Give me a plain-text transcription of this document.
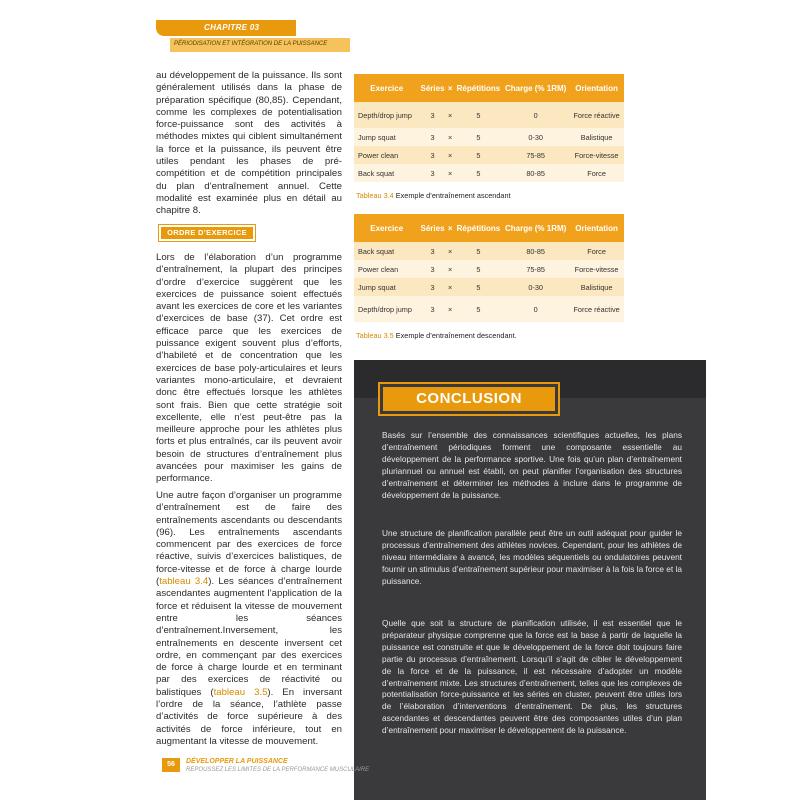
CHAPITRE 03
PÉRIODISATION ET INTÉGRATION DE LA PUISSANCE

au développement de la puissance. Ils sont généralement utilisés dans la phase de préparation spécifique (80,85). Cependant, comme les complexes de potentialisation force-puissance sont des activités à méthodes mixtes qui ciblent simultanément la force et la puissance, ils peuvent être utiles pendant les phases de pré-compétition et de compétition principales du plan d’entraînement annuel. Cette modalité est examinée plus en détail au chapitre 8.

ORDRE D’EXERCICE

Lors de l’élaboration d’un programme d’entraînement, la plupart des principes d’ordre d’exercice suggèrent que les exercices de puissance soient effectués avant les exercices de core et les variantes d’exercices de base (37). Cet ordre est efficace parce que les exercices de puissance exigent souvent plus d’efforts, d’habileté et de concentration que les exercices de base poly-articulaires et leurs variantes mono-articulaire, et devraient donc être effectués lorsque les athlètes sont frais. Bien que cette stratégie soit excellente, elle n’est peut-être pas la meilleure approche pour les athlètes plus forts et plus entraînés, car ils peuvent avoir besoin de structures d’entraînement plus avancées pour maximiser les gains de performance.

Une autre façon d’organiser un programme d’entraînement est de faire des entraînements ascendants ou descendants (96). Les entraînements ascendants commencent par des exercices de force réactive, suivis d’exercices balistiques, de force-vitesse et de force à charge lourde (tableau 3.4). Les séances d’entraînement ascendantes augmentent l’application de la force et réduisent la vitesse de mouvement entre les séances d’entraînement.Inversement, les entraînements en descente inversent cet ordre, en commençant par des exercices de force à charge lourde et en terminant par des exercices de réactivité ou balistiques (tableau 3.5). En inversant l’ordre de la séance, l’athlète passe d’activités de force supérieure à des activités de force inférieure, tout en augmentant la vitesse de mouvement.

Exercice	Séries	×	Répétitions	Charge (% 1RM)	Orientation
Depth/drop jump	3	×	5	0	Force réactive
Jump squat	3	×	5	0-30	Balistique
Power clean	3	×	5	75-85	Force-vitesse
Back squat	3	×	5	80-85	Force
Tableau 3.4 Exemple d’entraînement ascendant
Exercice	Séries	×	Répétitions	Charge (% 1RM)	Orientation
Back squat	3	×	5	80-85	Force
Power clean	3	×	5	75-85	Force-vitesse
Jump squat	3	×	5	0-30	Balistique
Depth/drop jump	3	×	5	0	Force réactive
Tableau 3.5 Exemple d’entraînement descendant.
CONCLUSION

Basés sur l’ensemble des connaissances scientifiques actuelles, les plans d’entraînement périodiques forment une composante essentielle au développement de la performance sportive. Une fois qu’un plan d’entraînement pluriannuel ou annuel est établi, on peut planifier l’organisation des structures d’entraînement et déterminer les méthodes à inclure dans le programme de développement de la puissance.

Une structure de planification parallèle peut être un outil adéquat pour guider le processus d’entraînement des athlètes novices. Cependant, pour les athlètes de niveau intermédiaire à avancé, les modèles séquentiels ou ondulatoires peuvent fournir un stimulus d’entraînement supérieur pour maximiser à la fois la force et la puissance.

Quelle que soit la structure de planification utilisée, il est essentiel que le préparateur physique comprenne que la force est la base à partir de laquelle la puissance est construite et que le développement de la force doit toujours faire partie du processus d’entraînement. Lorsqu’il s’agit de cibler le développement de la force et de la puissance, il est nécessaire d’adopter un modèle d’entraînement mixte. Les structures d’entraînement, telles que les complexes de potentialisation force-puissance et les séries en cluster, peuvent être utiles lors de l’élaboration d’interventions d’entraînement. De plus, les structures ascendantes et descendantes peuvent être des composantes utiles d’un plan d’entraînement pour maximiser le développement de la puissance.

56	DÉVELOPPER LA PUISSANCE
REPOUSSEZ LES LIMITES DE LA PERFORMANCE MUSCULAIRE
